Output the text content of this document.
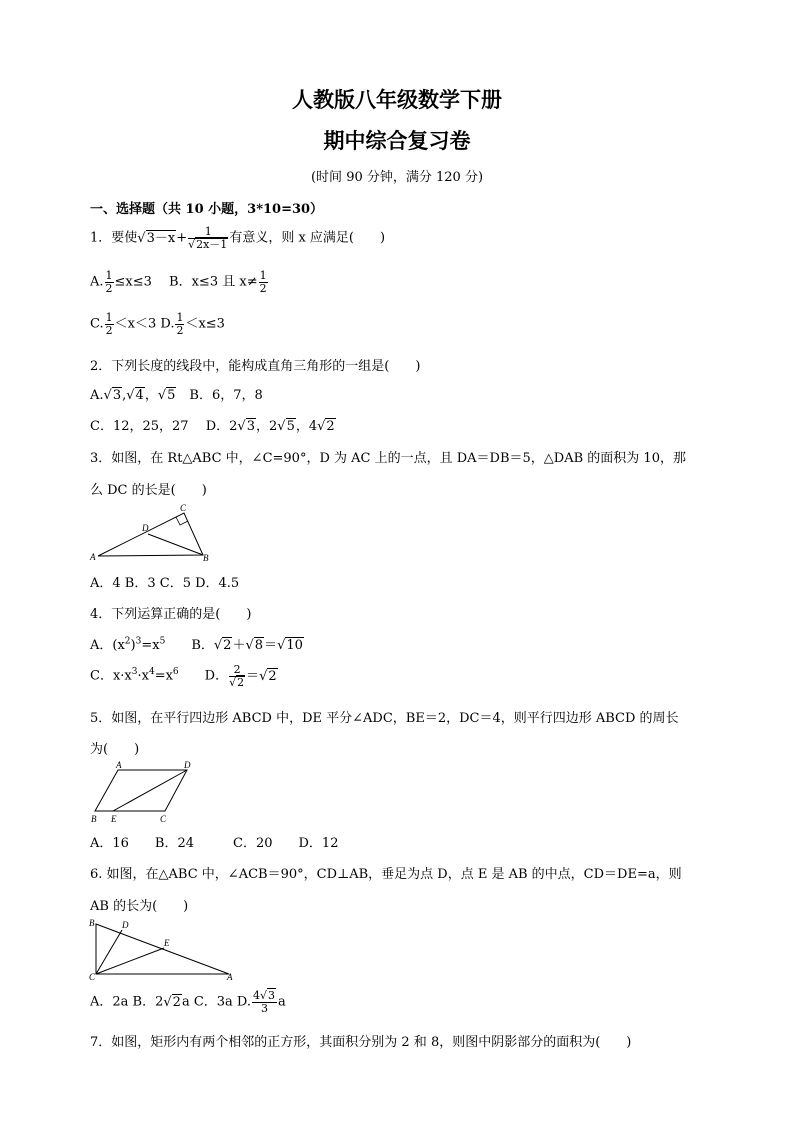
人教版八年级数学下册
期中综合复习卷
(时间 90 分钟，满分 120 分)
一、选择题（共 10 小题，3*10=30）
1．要使$√3-x+ \frac{1}{√2x-1}$ 有意义，则 x 应满足(　　)
A. $\frac{1}{2} \le x\le 3$　 B．x≤3 且 $x\ne \frac{1}{2}$
C. $\frac{1}{2} <x<3$ D. $\frac{1}{2} <x\le 3$
2．下列长度的线段中，能构成直角三角形的一组是(　　)
A.√3,√4，√5　B．6，7，8
C．12，25，27　 D．2√3，2√5，4√2
3．如图，在 Rt△ABC 中，∠C=90°，D 为 AC 上的一点，且 DA＝DB＝5，△DAB 的面积为 10，那
么 DC 的长是(　　)
A	B
C
D
A．4 B．3 C．5 D．4.5
4．下列运算正确的是(　　)
A．$(x^2)^3=x^5$　　B．√2＋√8＝√10
C．$x\cdot x^3\cdot x^4=x^6$　　D． $\frac{2}{√2} =√2$
5．如图，在平行四边形 ABCD 中，DE 平分∠ADC，BE＝2，DC＝4，则平行四边形 ABCD 的周长
为(　　)
A	D
B E	C
A．16　　B．24　　　C．20　　D．12
6. 如图，在△ABC 中，∠ACB＝90°，CD⊥AB，垂足为点 D，点 E 是 AB 的中点，CD＝DE=a，则
AB 的长为(　　)
B	D
E
C	A
A．2a B．2√2a C．3a D. $\frac{4√3}{3}$ a
7．如图，矩形内有两个相邻的正方形，其面积分别为 2 和 8，则图中阴影部分的面积为(　　)
